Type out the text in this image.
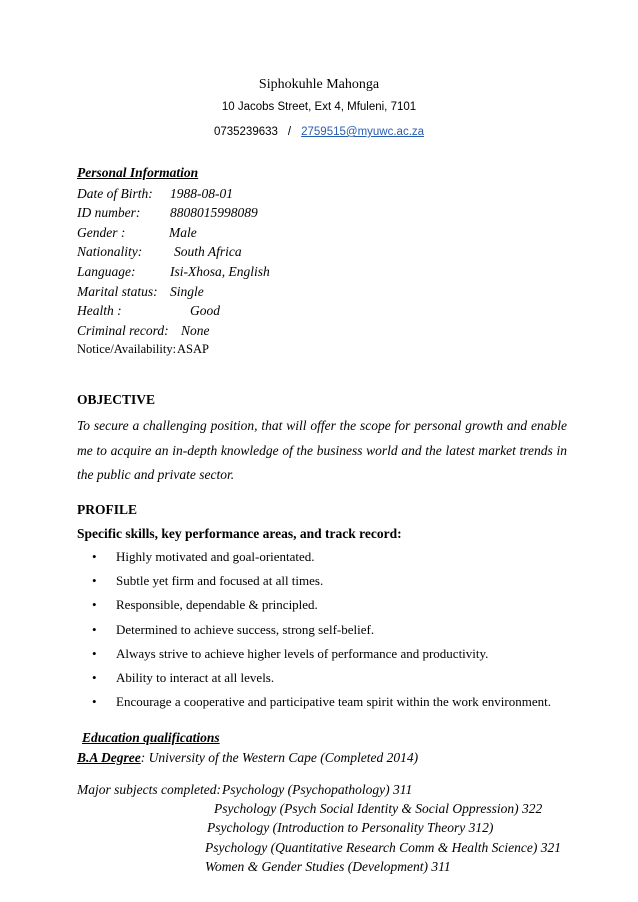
Siphokuhle Mahonga
10 Jacobs Street, Ext 4, Mfuleni, 7101
0735239633 / 2759515@myuwc.ac.za
Personal Information
Date of Birth: 1988-08-01
ID number: 8808015998089
Gender :	Male
Nationality: South Africa
Language:	Isi-Xhosa, English
Marital status: Single
Health :	Good
Criminal record: None
Notice/Availability: ASAP
OBJECTIVE
To secure a challenging position, that will offer the scope for personal growth and enable me to acquire an in-depth knowledge of the business world and the latest market trends in the public and private sector.
PROFILE
Specific skills, key performance areas, and track record:
• Highly motivated and goal-orientated.
• Subtle yet firm and focused at all times.
• Responsible, dependable & principled.
• Determined to achieve success, strong self-belief.
• Always strive to achieve higher levels of performance and productivity.
• Ability to interact at all levels.
• Encourage a cooperative and participative team spirit within the work environment.
Education qualifications
B.A Degree: University of the Western Cape (Completed 2014)
Major subjects completed: Psychology (Psychopathology) 311
Psychology (Psych Social Identity & Social Oppression) 322
Psychology (Introduction to Personality Theory 312)
Psychology (Quantitative Research Comm & Health Science) 321
Women & Gender Studies (Development) 311
